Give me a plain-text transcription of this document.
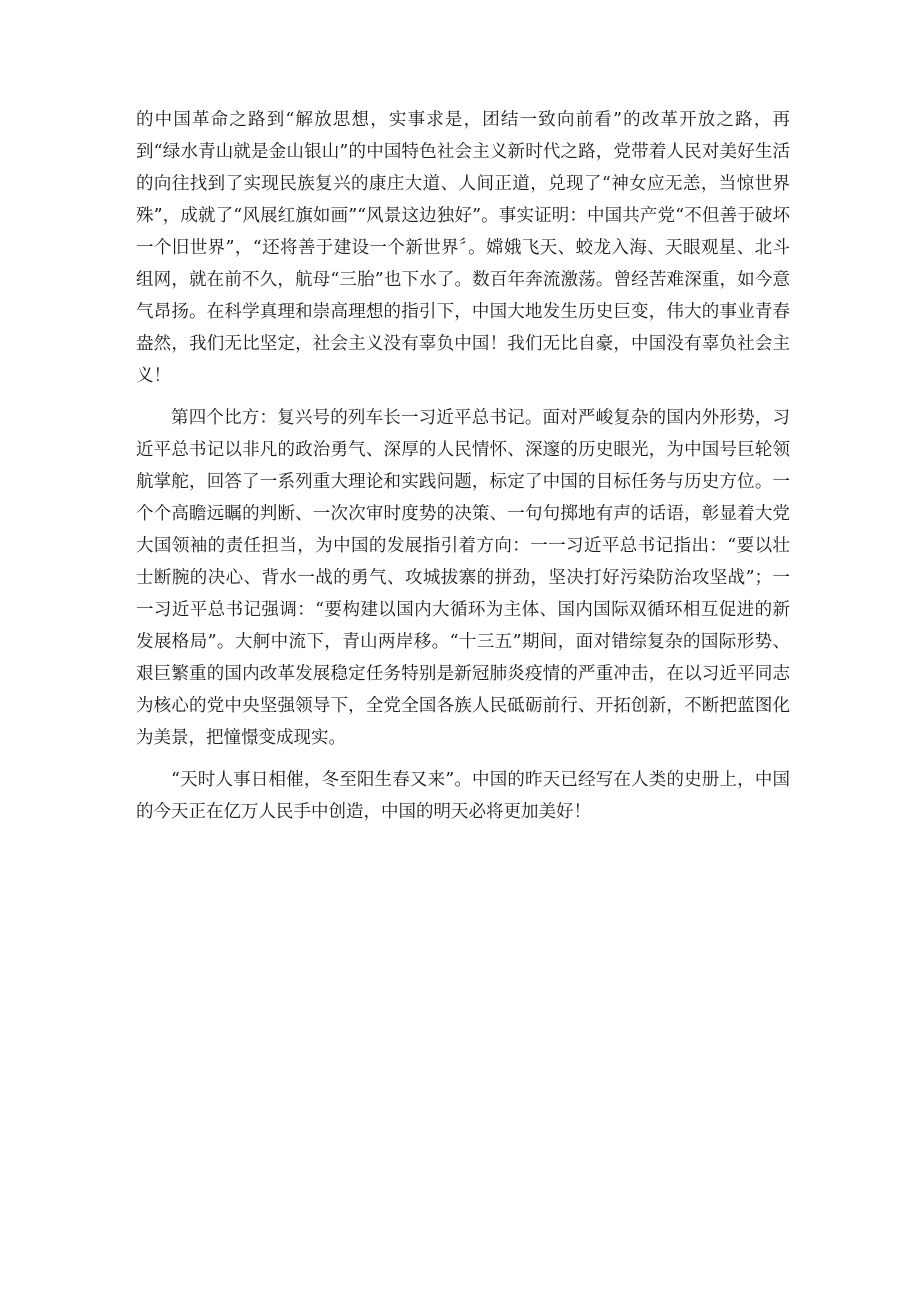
的中国革命之路到“解放思想，实事求是，团结一致向前看”的改革开放之路，再到“绿水青山就是金山银山”的中国特色社会主义新时代之路，党带着人民对美好生活的向往找到了实现民族复兴的康庄大道、人间正道，兑现了“神女应无恙，当惊世界殊”，成就了“风展红旗如画”“风景这边独好”。事实证明：中国共产党“不但善于破坏一个旧世界”，“还将善于建设一个新世界〞。嫦娥飞天、蛟龙入海、天眼观星、北斗组网，就在前不久，航母“三胎”也下水了。数百年奔流激荡。曾经苦难深重，如今意气昂扬。在科学真理和崇高理想的指引下，中国大地发生历史巨变，伟大的事业青春盎然，我们无比坚定，社会主义没有辜负中国！我们无比自豪，中国没有辜负社会主义！

第四个比方：复兴号的列车长一习近平总书记。面对严峻复杂的国内外形势，习近平总书记以非凡的政治勇气、深厚的人民情怀、深邃的历史眼光，为中国号巨轮领航掌舵，回答了一系列重大理论和实践问题，标定了中国的目标任务与历史方位。一个个高瞻远瞩的判断、一次次审时度势的决策、一句句掷地有声的话语，彰显着大党大国领袖的责任担当，为中国的发展指引着方向：一一习近平总书记指出：“要以壮士断腕的决心、背水一战的勇气、攻城拔寨的拼劲，坚决打好污染防治攻坚战”；一一习近平总书记强调：“要构建以国内大循环为主体、国内国际双循环相互促进的新发展格局”。大舸中流下，青山两岸移。“十三五”期间，面对错综复杂的国际形势、艰巨繁重的国内改革发展稳定任务特别是新冠肺炎疫情的严重冲击，在以习近平同志为核心的党中央坚强领导下，全党全国各族人民砥砺前行、开拓创新，不断把蓝图化为美景，把憧憬变成现实。

“天时人事日相催，冬至阳生春又来”。中国的昨天已经写在人类的史册上，中国的今天正在亿万人民手中创造，中国的明天必将更加美好！
